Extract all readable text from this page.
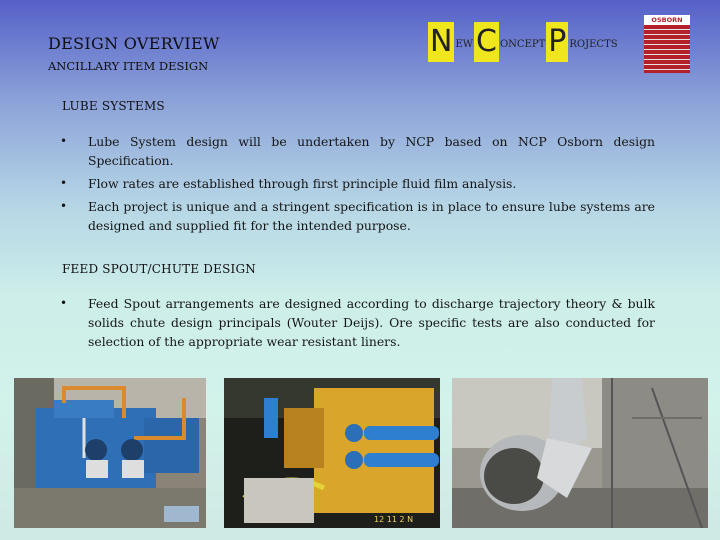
DESIGN OVERVIEW
ANCILLARY ITEM DESIGN
N EW C ONCEPT P ROJECTS
OSBORN
LUBE SYSTEMS
• Lube System design will be undertaken by NCP based on NCP Osborn design Specification.
• Flow rates are established through first principle fluid film analysis.
• Each project is unique and a stringent specification is in place to ensure lube systems are designed and supplied fit for the intended purpose.
FEED SPOUT/CHUTE DESIGN
• Feed Spout arrangements are designed according to discharge trajectory theory & bulk solids chute design principals (Wouter Deijs). Ore specific tests are also conducted for selection of the appropriate wear resistant liners.
12 11 2 N
